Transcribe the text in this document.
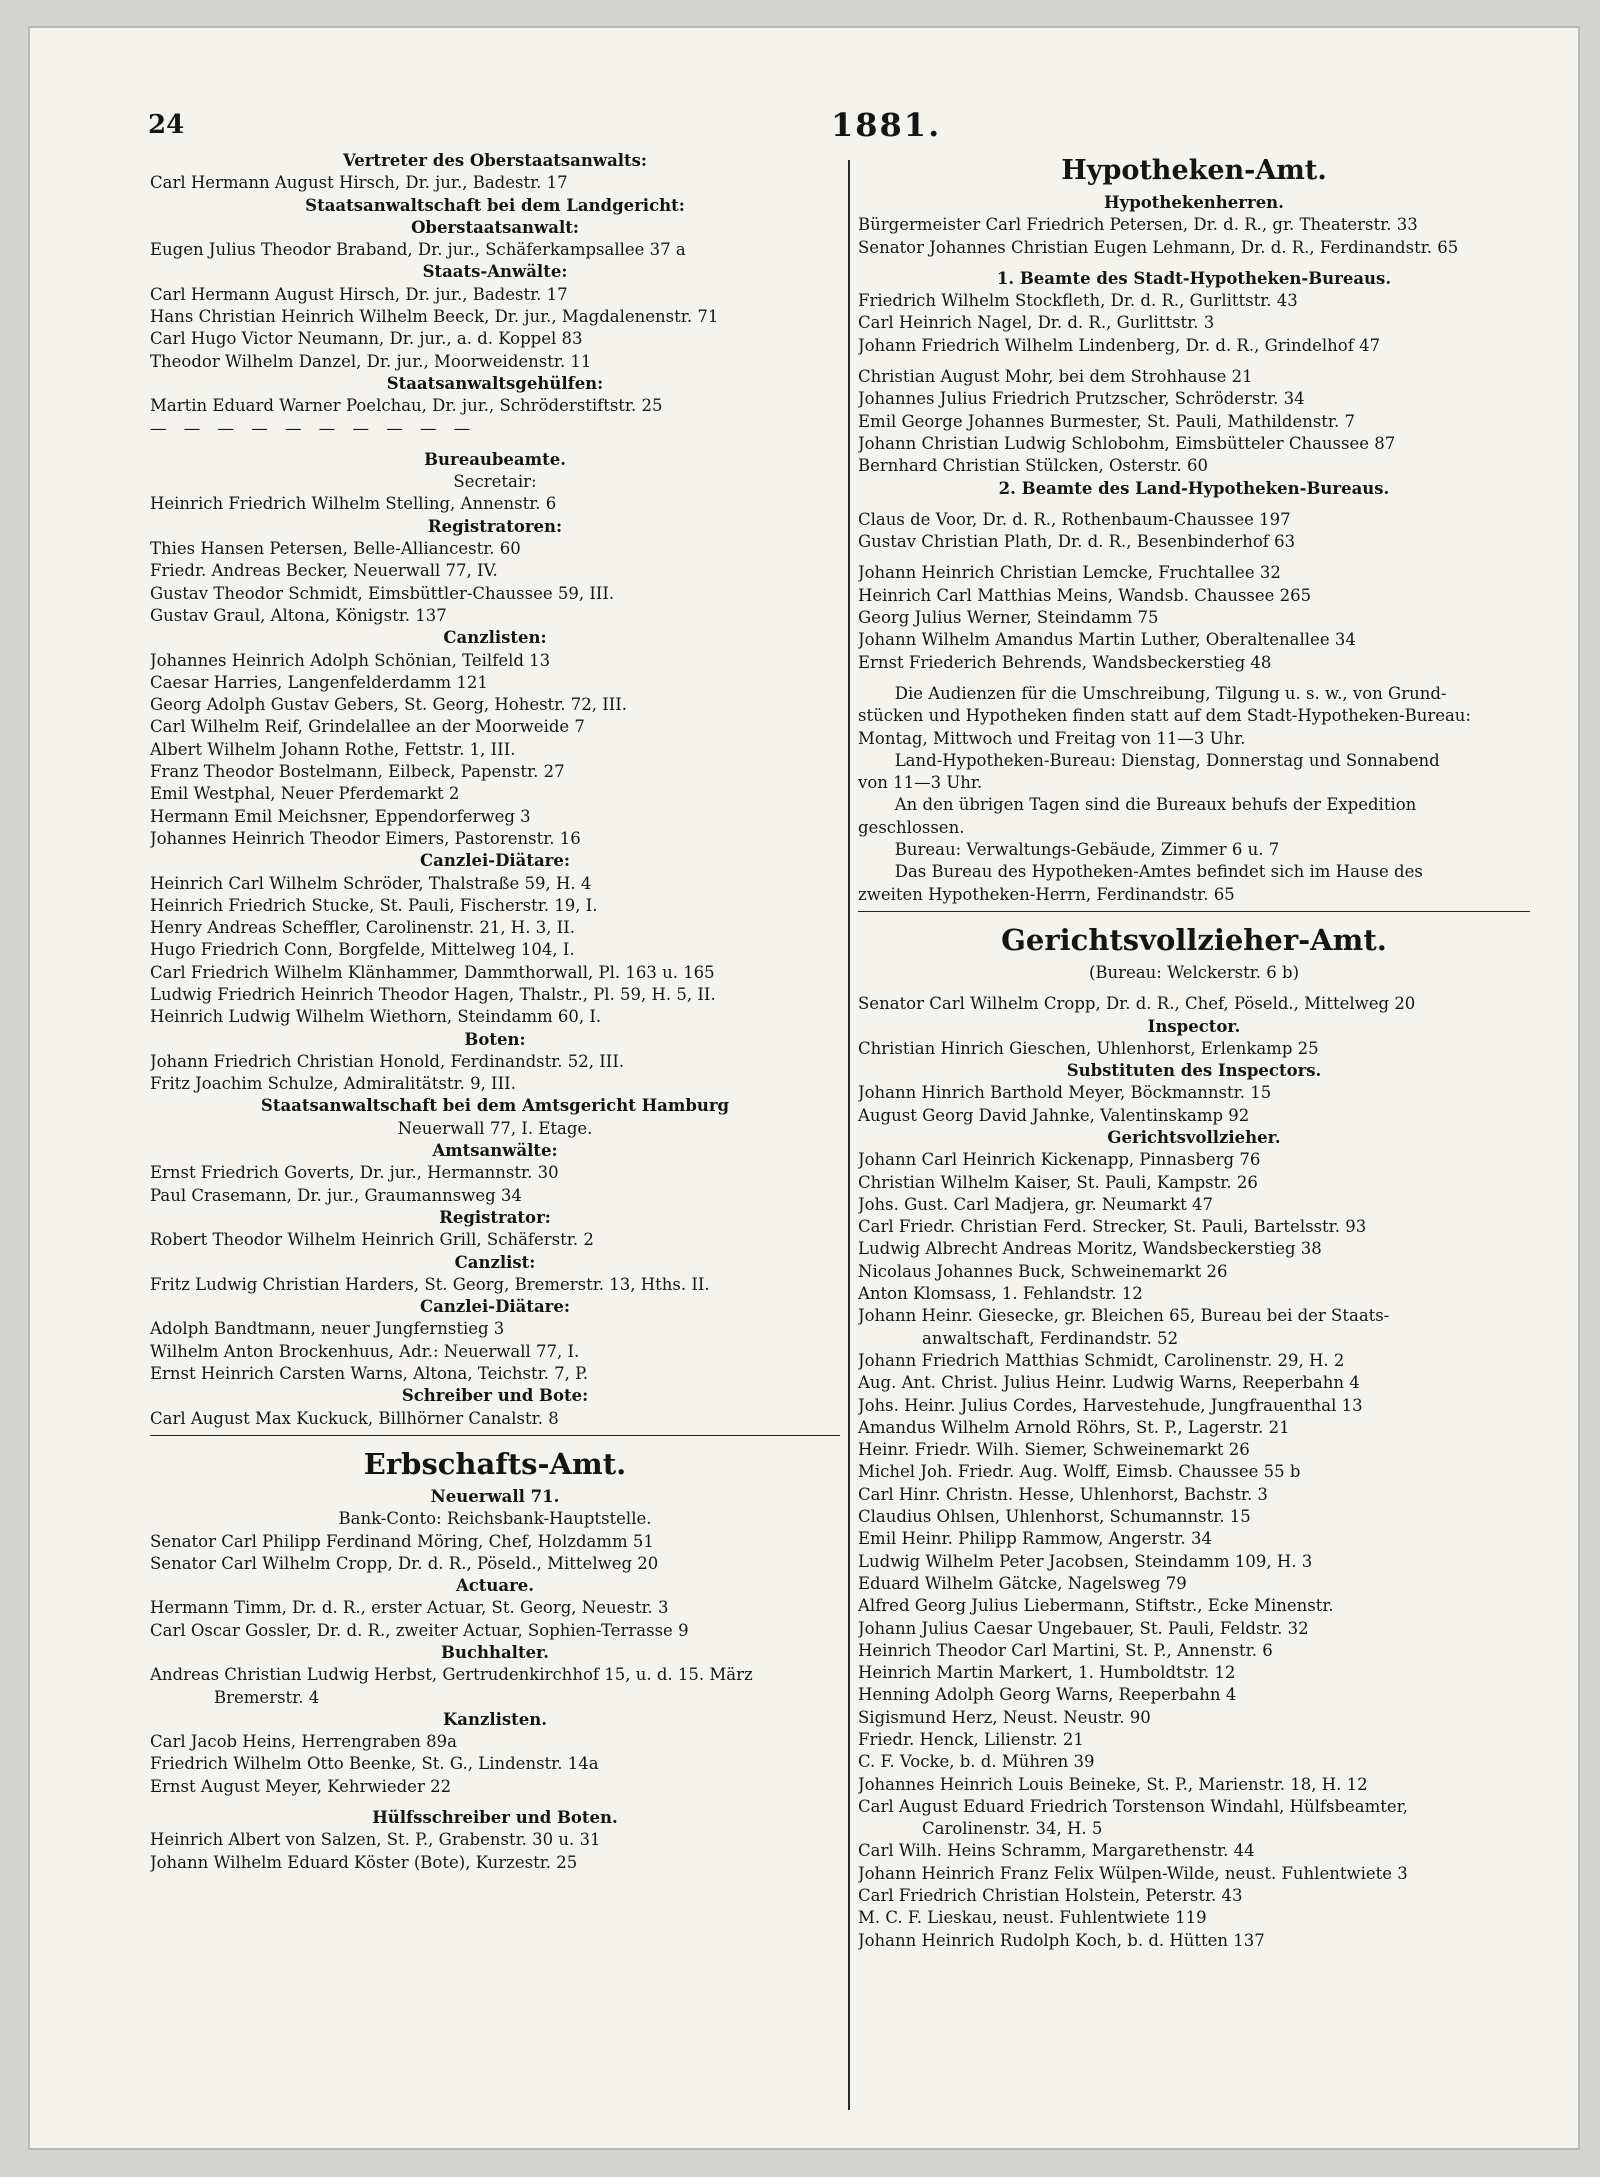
24	1881.
Vertreter des Oberstaatsanwalts:
Carl Hermann August Hirsch, Dr. jur., Badestr. 17
Staatsanwaltschaft bei dem Landgericht:
Oberstaatsanwalt:
Eugen Julius Theodor Braband, Dr. jur., Schäferkampsallee 37 a
Staats-Anwälte:
Carl Hermann August Hirsch, Dr. jur., Badestr. 17
Hans Christian Heinrich Wilhelm Beeck, Dr. jur., Magdalenenstr. 71
Carl Hugo Victor Neumann, Dr. jur., a. d. Koppel 83
Theodor Wilhelm Danzel, Dr. jur., Moorweidenstr. 11
Staatsanwaltsgehülfen:
Martin Eduard Warner Poelchau, Dr. jur., Schröderstiftstr. 25
— — — — — — — — — —
Bureaubeamte.
Secretair:
Heinrich Friedrich Wilhelm Stelling, Annenstr. 6
Registratoren:
Thies Hansen Petersen, Belle-Alliancestr. 60
Friedr. Andreas Becker, Neuerwall 77, IV.
Gustav Theodor Schmidt, Eimsbüttler-Chaussee 59, III.
Gustav Graul, Altona, Königstr. 137
Canzlisten:
Johannes Heinrich Adolph Schönian, Teilfeld 13
Caesar Harries, Langenfelderdamm 121
Georg Adolph Gustav Gebers, St. Georg, Hohestr. 72, III.
Carl Wilhelm Reif, Grindelallee an der Moorweide 7
Albert Wilhelm Johann Rothe, Fettstr. 1, III.
Franz Theodor Bostelmann, Eilbeck, Papenstr. 27
Emil Westphal, Neuer Pferdemarkt 2
Hermann Emil Meichsner, Eppendorferweg 3
Johannes Heinrich Theodor Eimers, Pastorenstr. 16
Canzlei-Diätare:
Heinrich Carl Wilhelm Schröder, Thalstraße 59, H. 4
Heinrich Friedrich Stucke, St. Pauli, Fischerstr. 19, I.
Henry Andreas Scheffler, Carolinenstr. 21, H. 3, II.
Hugo Friedrich Conn, Borgfelde, Mittelweg 104, I.
Carl Friedrich Wilhelm Klänhammer, Dammthorwall, Pl. 163 u. 165
Ludwig Friedrich Heinrich Theodor Hagen, Thalstr., Pl. 59, H. 5, II.
Heinrich Ludwig Wilhelm Wiethorn, Steindamm 60, I.
Boten:
Johann Friedrich Christian Honold, Ferdinandstr. 52, III.
Fritz Joachim Schulze, Admiralitätstr. 9, III.
Staatsanwaltschaft bei dem Amtsgericht Hamburg
Neuerwall 77, I. Etage.
Amtsanwälte:
Ernst Friedrich Goverts, Dr. jur., Hermannstr. 30
Paul Crasemann, Dr. jur., Graumannsweg 34
Registrator:
Robert Theodor Wilhelm Heinrich Grill, Schäferstr. 2
Canzlist:
Fritz Ludwig Christian Harders, St. Georg, Bremerstr. 13, Hths. II.
Canzlei-Diätare:
Adolph Bandtmann, neuer Jungfernstieg 3
Wilhelm Anton Brockenhuus, Adr.: Neuerwall 77, I.
Ernst Heinrich Carsten Warns, Altona, Teichstr. 7, P.
Schreiber und Bote:
Carl August Max Kuckuck, Billhörner Canalstr. 8
Erbschafts-Amt.
Neuerwall 71.
Bank-Conto: Reichsbank-Hauptstelle.
Senator Carl Philipp Ferdinand Möring, Chef, Holzdamm 51
Senator Carl Wilhelm Cropp, Dr. d. R., Pöseld., Mittelweg 20
Actuare.
Hermann Timm, Dr. d. R., erster Actuar, St. Georg, Neuestr. 3
Carl Oscar Gossler, Dr. d. R., zweiter Actuar, Sophien-Terrasse 9
Buchhalter.
Andreas Christian Ludwig Herbst, Gertrudenkirchhof 15, u. d. 15. März
Bremerstr. 4
Kanzlisten.
Carl Jacob Heins, Herrengraben 89a
Friedrich Wilhelm Otto Beenke, St. G., Lindenstr. 14a
Ernst August Meyer, Kehrwieder 22
Hülfsschreiber und Boten.
Heinrich Albert von Salzen, St. P., Grabenstr. 30 u. 31
Johann Wilhelm Eduard Köster (Bote), Kurzestr. 25
Hypotheken-Amt.
Hypothekenherren.
Bürgermeister Carl Friedrich Petersen, Dr. d. R., gr. Theaterstr. 33
Senator Johannes Christian Eugen Lehmann, Dr. d. R., Ferdinandstr. 65
1. Beamte des Stadt-Hypotheken-Bureaus.
Friedrich Wilhelm Stockfleth, Dr. d. R., Gurlittstr. 43
Carl Heinrich Nagel, Dr. d. R., Gurlittstr. 3
Johann Friedrich Wilhelm Lindenberg, Dr. d. R., Grindelhof 47
Christian August Mohr, bei dem Strohhause 21
Johannes Julius Friedrich Prutzscher, Schröderstr. 34
Emil George Johannes Burmester, St. Pauli, Mathildenstr. 7
Johann Christian Ludwig Schlobohm, Eimsbütteler Chaussee 87
Bernhard Christian Stülcken, Osterstr. 60
2. Beamte des Land-Hypotheken-Bureaus.
Claus de Voor, Dr. d. R., Rothenbaum-Chaussee 197
Gustav Christian Plath, Dr. d. R., Besenbinderhof 63
Johann Heinrich Christian Lemcke, Fruchtallee 32
Heinrich Carl Matthias Meins, Wandsb. Chaussee 265
Georg Julius Werner, Steindamm 75
Johann Wilhelm Amandus Martin Luther, Oberaltenallee 34
Ernst Friederich Behrends, Wandsbeckerstieg 48
Die Audienzen für die Umschreibung, Tilgung u. s. w., von Grund-
stücken und Hypotheken finden statt auf dem Stadt-Hypotheken-Bureau:
Montag, Mittwoch und Freitag von 11—3 Uhr.
Land-Hypotheken-Bureau: Dienstag, Donnerstag und Sonnabend
von 11—3 Uhr.
An den übrigen Tagen sind die Bureaux behufs der Expedition
geschlossen.
Bureau: Verwaltungs-Gebäude, Zimmer 6 u. 7
Das Bureau des Hypotheken-Amtes befindet sich im Hause des
zweiten Hypotheken-Herrn, Ferdinandstr. 65
Gerichtsvollzieher-Amt.
(Bureau: Welckerstr. 6 b)
Senator Carl Wilhelm Cropp, Dr. d. R., Chef, Pöseld., Mittelweg 20
Inspector.
Christian Hinrich Gieschen, Uhlenhorst, Erlenkamp 25
Substituten des Inspectors.
Johann Hinrich Barthold Meyer, Böckmannstr. 15
August Georg David Jahnke, Valentinskamp 92
Gerichtsvollzieher.
Johann Carl Heinrich Kickenapp, Pinnasberg 76
Christian Wilhelm Kaiser, St. Pauli, Kampstr. 26
Johs. Gust. Carl Madjera, gr. Neumarkt 47
Carl Friedr. Christian Ferd. Strecker, St. Pauli, Bartelsstr. 93
Ludwig Albrecht Andreas Moritz, Wandsbeckerstieg 38
Nicolaus Johannes Buck, Schweinemarkt 26
Anton Klomsass, 1. Fehlandstr. 12
Johann Heinr. Giesecke, gr. Bleichen 65, Bureau bei der Staats-
anwaltschaft, Ferdinandstr. 52
Johann Friedrich Matthias Schmidt, Carolinenstr. 29, H. 2
Aug. Ant. Christ. Julius Heinr. Ludwig Warns, Reeperbahn 4
Johs. Heinr. Julius Cordes, Harvestehude, Jungfrauenthal 13
Amandus Wilhelm Arnold Röhrs, St. P., Lagerstr. 21
Heinr. Friedr. Wilh. Siemer, Schweinemarkt 26
Michel Joh. Friedr. Aug. Wolff, Eimsb. Chaussee 55 b
Carl Hinr. Christn. Hesse, Uhlenhorst, Bachstr. 3
Claudius Ohlsen, Uhlenhorst, Schumannstr. 15
Emil Heinr. Philipp Rammow, Angerstr. 34
Ludwig Wilhelm Peter Jacobsen, Steindamm 109, H. 3
Eduard Wilhelm Gätcke, Nagelsweg 79
Alfred Georg Julius Liebermann, Stiftstr., Ecke Minenstr.
Johann Julius Caesar Ungebauer, St. Pauli, Feldstr. 32
Heinrich Theodor Carl Martini, St. P., Annenstr. 6
Heinrich Martin Markert, 1. Humboldtstr. 12
Henning Adolph Georg Warns, Reeperbahn 4
Sigismund Herz, Neust. Neustr. 90
Friedr. Henck, Lilienstr. 21
C. F. Vocke, b. d. Mühren 39
Johannes Heinrich Louis Beineke, St. P., Marienstr. 18, H. 12
Carl August Eduard Friedrich Torstenson Windahl, Hülfsbeamter,
Carolinenstr. 34, H. 5
Carl Wilh. Heins Schramm, Margarethenstr. 44
Johann Heinrich Franz Felix Wülpen-Wilde, neust. Fuhlentwiete 3
Carl Friedrich Christian Holstein, Peterstr. 43
M. C. F. Lieskau, neust. Fuhlentwiete 119
Johann Heinrich Rudolph Koch, b. d. Hütten 137
